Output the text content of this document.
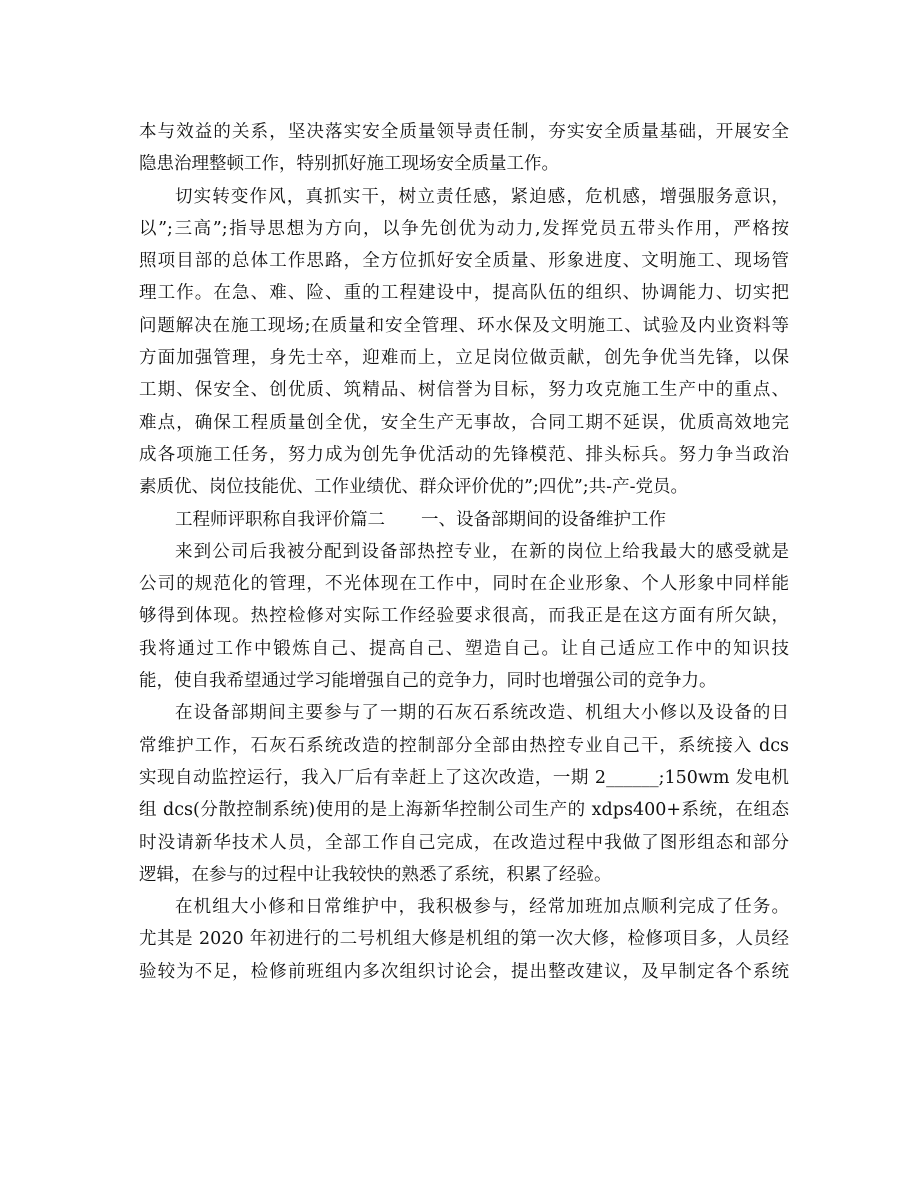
本与效益的关系，坚决落实安全质量领导责任制，夯实安全质量基础，开展安全
隐患治理整顿工作，特别抓好施工现场安全质量工作。
切实转变作风，真抓实干，树立责任感，紧迫感，危机感，增强服务意识，
以”;三高”;指导思想为方向，以争先创优为动力,发挥党员五带头作用，严格按
照项目部的总体工作思路，全方位抓好安全质量、形象进度、文明施工、现场管
理工作。在急、难、险、重的工程建设中，提高队伍的组织、协调能力、切实把
问题解决在施工现场;在质量和安全管理、环水保及文明施工、试验及内业资料等
方面加强管理，身先士卒，迎难而上，立足岗位做贡献，创先争优当先锋，以保
工期、保安全、创优质、筑精品、树信誉为目标，努力攻克施工生产中的重点、
难点，确保工程质量创全优，安全生产无事故，合同工期不延误，优质高效地完
成各项施工任务，努力成为创先争优活动的先锋模范、排头标兵。努力争当政治
素质优、岗位技能优、工作业绩优、群众评价优的”;四优”;共-产-党员。
工程师评职称自我评价篇二 一、设备部期间的设备维护工作
来到公司后我被分配到设备部热控专业，在新的岗位上给我最大的感受就是
公司的规范化的管理，不光体现在工作中，同时在企业形象、个人形象中同样能
够得到体现。热控检修对实际工作经验要求很高，而我正是在这方面有所欠缺，
我将通过工作中锻炼自己、提高自己、塑造自己。让自己适应工作中的知识技
能，使自我希望通过学习能增强自己的竞争力，同时也增强公司的竞争力。
在设备部期间主要参与了一期的石灰石系统改造、机组大小修以及设备的日
常维护工作，石灰石系统改造的控制部分全部由热控专业自己干，系统接入 dcs
实现自动监控运行，我入厂后有幸赶上了这次改造，一期 2______;150wm 发电机
组 dcs(分散控制系统)使用的是上海新华控制公司生产的 xdps400+系统，在组态
时没请新华技术人员，全部工作自己完成，在改造过程中我做了图形组态和部分
逻辑，在参与的过程中让我较快的熟悉了系统，积累了经验。
在机组大小修和日常维护中，我积极参与，经常加班加点顺利完成了任务。
尤其是 2020 年初进行的二号机组大修是机组的第一次大修，检修项目多，人员经
验较为不足，检修前班组内多次组织讨论会，提出整改建议，及早制定各个系统
